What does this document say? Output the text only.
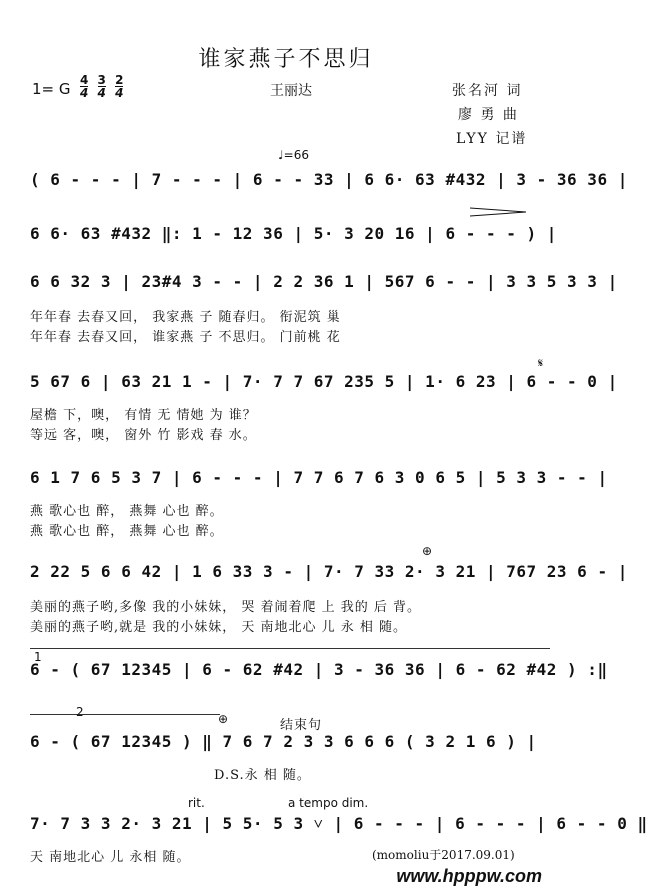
谁家燕子不思归
1= G $\frac{4}{4} \frac{3}{4} \frac{2}{4}$	王丽达	张名河 词
廖 勇 曲
LYY 记谱
♩=66
( 6 - - - | 7 - - - | 6 - - 33 | 6 6· 63 #432 | 3 - 36 36 |
6 6· 63 #432 ‖: 1 - 12 36 | 5· 3 20 16 | 6 - - - ) |
6 6 32 3 | 23#4 3 - - | 2 2 36 1 | 567 6 - - | 3 3 5 3 3 |
年年春 去春又回， 我家燕 子 随春归。 衔泥筑 巢
年年春 去春又回， 谁家燕 子 不思归。 门前桃 花
𝄋
5 67 6 | 63 21 1 - | 7· 7 7 67 235 5 | 1· 6 23 | 6 - - 0 |
屋檐 下，噢， 有情 无 情她 为 谁？
等远 客，噢， 窗外 竹 影戏 春 水。
6 1 7 6 5 3 7 | 6 - - - | 7 7 6 7 6 3 0 6 5 | 5 3 3 - - |
燕 歌心也 醉， 燕舞 心也 醉。
燕 歌心也 醉， 燕舞 心也 醉。
⊕
2 22 5 6 6 42 | 1 6 33 3 - | 7· 7 33 2· 3 21 | 767 23 6 - |
美丽的燕子哟,多像 我的小妹妹， 哭 着闹着爬 上 我的 后 背。
美丽的燕子哟,就是 我的小妹妹， 天 南地北心 儿 永 相 随。
1
6 - ( 67 12345 | 6 - 62 #42 | 3 - 36 36 | 6 - 62 #42 ) :‖
2	⊕	结束句
6 - ( 67 12345 ) ‖ 7 6 7 2 3 3 6 6 6 ( 3 2 1 6 ) |
D.S.永 相 随。
rit.	a tempo dim.
7· 7 3 3 2· 3 21 | 5 5· 5 3 ˅ | 6 - - - | 6 - - - | 6 - - 0 ‖
天 南地北心 儿 永相 随。	(momoliu于2017.09.01)
www.hpppw.com
